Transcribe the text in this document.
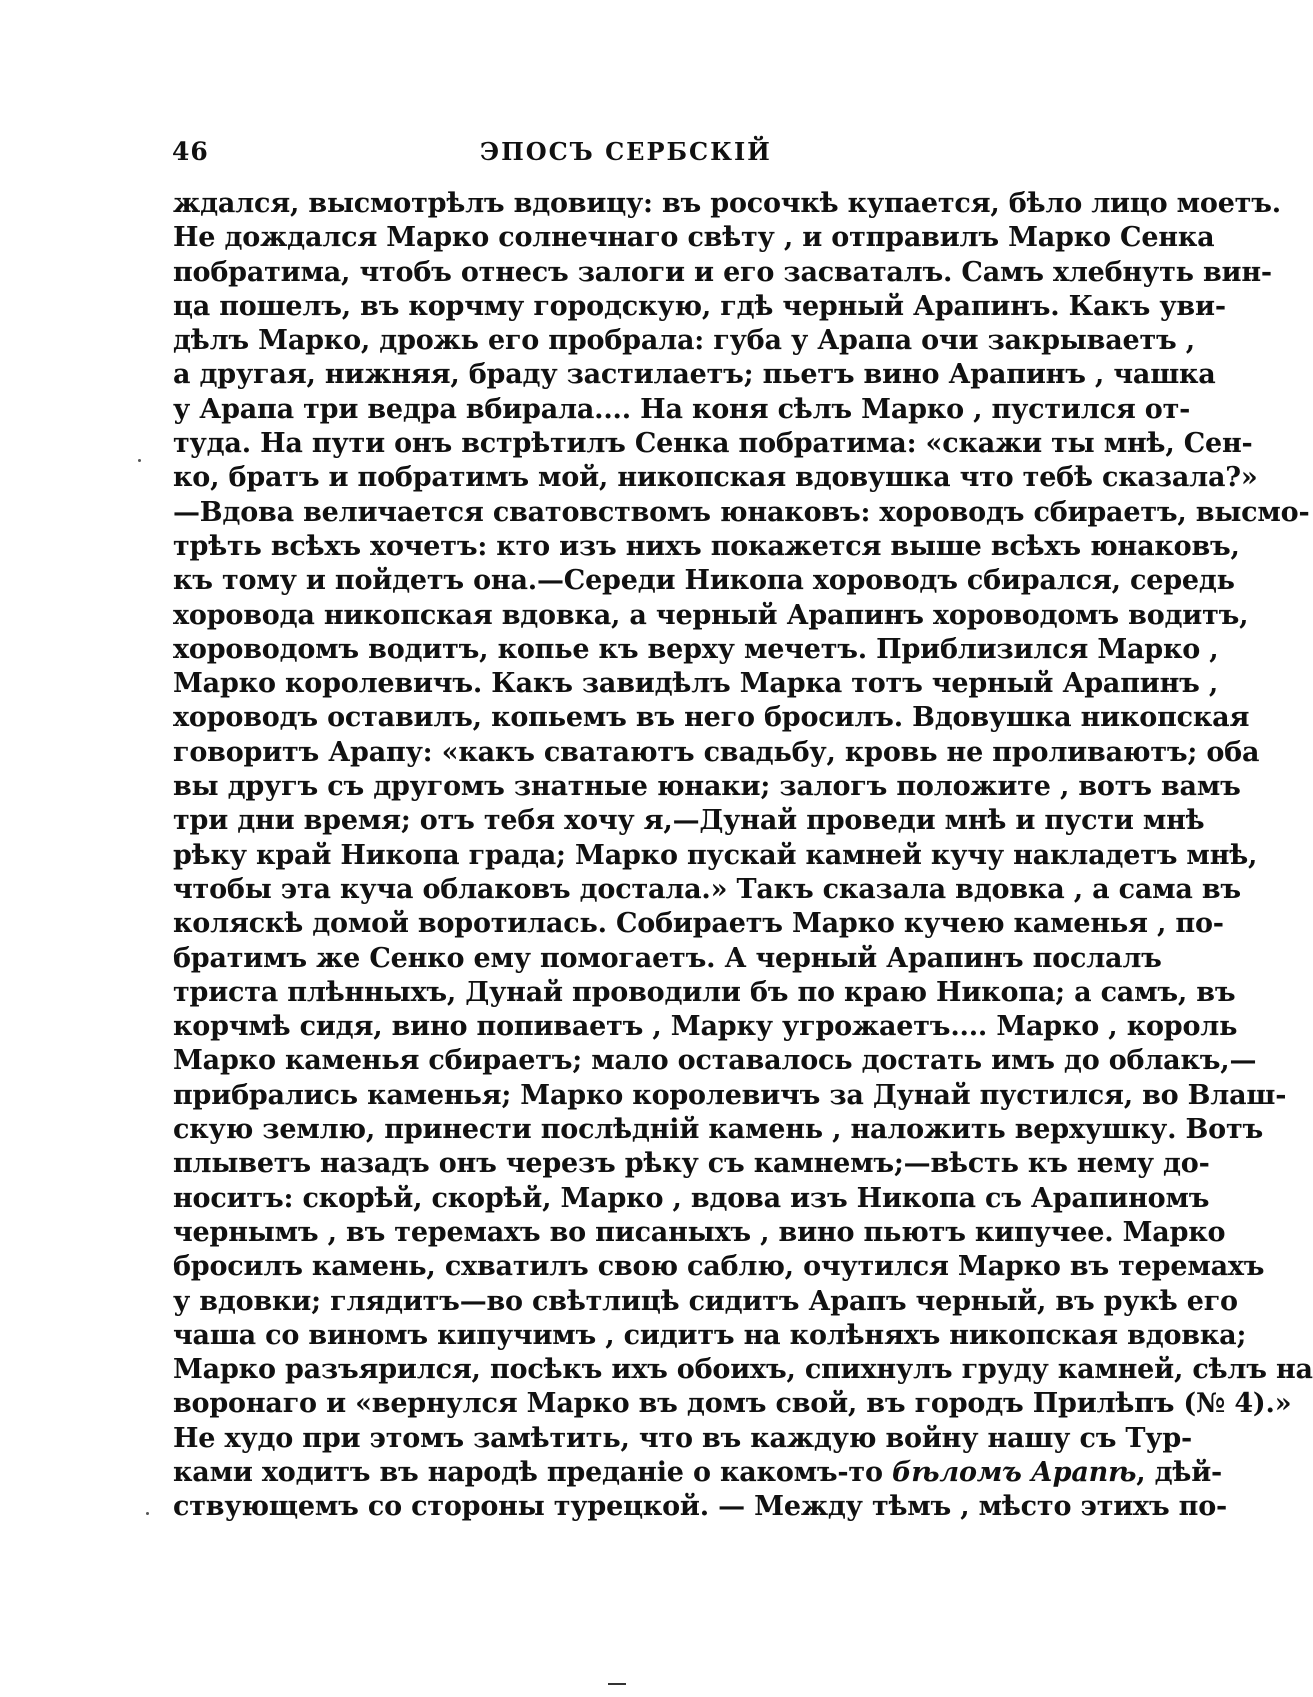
46	ЭПОСЪ СЕРБСКІЙ
ждался, высмотрѣлъ вдовицу: въ росочкѣ купается, бѣло лицо моетъ.
Не дождался Марко солнечнаго свѣту , и отправилъ Марко Сенка
побратима, чтобъ отнесъ залоги и его засваталъ. Самъ хлебнуть вин-
ца пошелъ, въ корчму городскую, гдѣ черный Арапинъ. Какъ уви-
дѣлъ Марко, дрожь его пробрала: губа у Арапа очи закрываетъ ,
а другая, нижняя, браду застилаетъ; пьетъ вино Арапинъ , чашка
у Арапа три ведра вбирала.... На коня сѣлъ Марко , пустился от-
туда. На пути онъ встрѣтилъ Сенка побратима: «скажи ты мнѣ, Сен-
ко, братъ и побратимъ мой, никопская вдовушка что тебѣ сказала?»
—Вдова величается сватовствомъ юнаковъ: хороводъ сбираетъ, высмо-
трѣть всѣхъ хочетъ: кто изъ нихъ покажется выше всѣхъ юнаковъ,
къ тому и пойдетъ она.—Середи Никопа хороводъ сбирался, середь
хоровода никопская вдовка, а черный Арапинъ хороводомъ водитъ,
хороводомъ водитъ, копье къ верху мечетъ. Приблизился Марко ,
Марко королевичъ. Какъ завидѣлъ Марка тотъ черный Арапинъ ,
хороводъ оставилъ, копьемъ въ него бросилъ. Вдовушка никопская
говоритъ Арапу: «какъ сватаютъ свадьбу, кровь не проливаютъ; оба
вы другъ съ другомъ знатные юнаки; залогъ положите , вотъ вамъ
три дни время; отъ тебя хочу я,—Дунай проведи мнѣ и пусти мнѣ
рѣку край Никопа града; Марко пускай камней кучу накладетъ мнѣ,
чтобы эта куча облаковъ достала.» Такъ сказала вдовка , а сама въ
коляскѣ домой воротилась. Собираетъ Марко кучею каменья , по-
братимъ же Сенко ему помогаетъ. А черный Арапинъ послалъ
триста плѣнныхъ, Дунай проводили бъ по краю Никопа; а самъ, въ
корчмѣ сидя, вино попиваетъ , Марку угрожаетъ.... Марко , король
Марко каменья сбираетъ; мало оставалось достать имъ до облакъ,—
прибрались каменья; Марко королевичъ за Дунай пустился, во Влаш-
скую землю, принести послѣдній камень , наложить верхушку. Вотъ
плыветъ назадъ онъ черезъ рѣку съ камнемъ;—вѣсть къ нему до-
носитъ: скорѣй, скорѣй, Марко , вдова изъ Никопа съ Арапиномъ
чернымъ , въ теремахъ во писаныхъ , вино пьютъ кипучее. Марко
бросилъ камень, схватилъ свою саблю, очутился Марко въ теремахъ
у вдовки; глядитъ—во свѣтлицѣ сидитъ Арапъ черный, въ рукѣ его
чаша со виномъ кипучимъ , сидитъ на колѣняхъ никопская вдовка;
Марко разъярился, посѣкъ ихъ обоихъ, спихнулъ груду камней, сѣлъ на
воронаго и «вернулся Марко въ домъ свой, въ городъ Прилѣпъ (№ 4).»
Не худо при этомъ замѣтить, что въ каждую войну нашу съ Тур-
ками ходитъ въ народѣ преданіе о какомъ-то бѣломъ Арапѣ, дѣй-
ствующемъ со стороны турецкой. — Между тѣмъ , мѣсто этихъ по-
